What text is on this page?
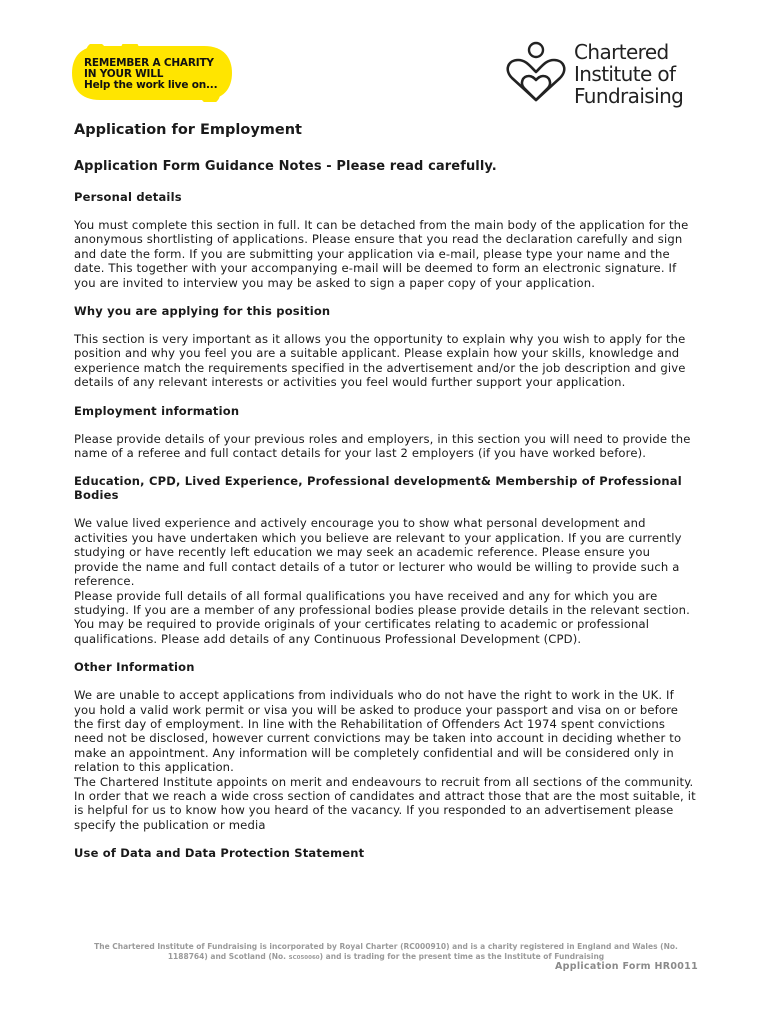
REMEMBER A CHARITY
IN YOUR WILL
Help the work live on...
Chartered
Institute of
Fundraising
Application for Employment
Application Form Guidance Notes - Please read carefully.
Personal details

You must complete this section in full. It can be detached from the main body of the application for the anonymous shortlisting of applications. Please ensure that you read the declaration carefully and sign and date the form. If you are submitting your application via e-mail, please type your name and the date. This together with your accompanying e-mail will be deemed to form an electronic signature. If you are invited to interview you may be asked to sign a paper copy of your application.

Why you are applying for this position

This section is very important as it allows you the opportunity to explain why you wish to apply for the position and why you feel you are a suitable applicant. Please explain how your skills, knowledge and experience match the requirements specified in the advertisement and/or the job description and give details of any relevant interests or activities you feel would further support your application.

Employment information

Please provide details of your previous roles and employers, in this section you will need to provide the name of a referee and full contact details for your last 2 employers (if you have worked before).

Education, CPD, Lived Experience, Professional development& Membership of Professional Bodies

We value lived experience and actively encourage you to show what personal development and activities you have undertaken which you believe are relevant to your application. If you are currently studying or have recently left education we may seek an academic reference. Please ensure you provide the name and full contact details of a tutor or lecturer who would be willing to provide such a reference.

Please provide full details of all formal qualifications you have received and any for which you are studying. If you are a member of any professional bodies please provide details in the relevant section. You may be required to provide originals of your certificates relating to academic or professional qualifications. Please add details of any Continuous Professional Development (CPD).

Other Information

We are unable to accept applications from individuals who do not have the right to work in the UK. If you hold a valid work permit or visa you will be asked to produce your passport and visa on or before the first day of employment. In line with the Rehabilitation of Offenders Act 1974 spent convictions need not be disclosed, however current convictions may be taken into account in deciding whether to make an appointment. Any information will be completely confidential and will be considered only in relation to this application.

The Chartered Institute appoints on merit and endeavours to recruit from all sections of the community. In order that we reach a wide cross section of candidates and attract those that are the most suitable, it is helpful for us to know how you heard of the vacancy. If you responded to an advertisement please specify the publication or media

Use of Data and Data Protection Statement
The Chartered Institute of Fundraising is incorporated by Royal Charter (RC000910) and is a charity registered in England and Wales (No.
1188764) and Scotland (No. SC050060) and is trading for the present time as the Institute of Fundraising
Application Form HR0011
